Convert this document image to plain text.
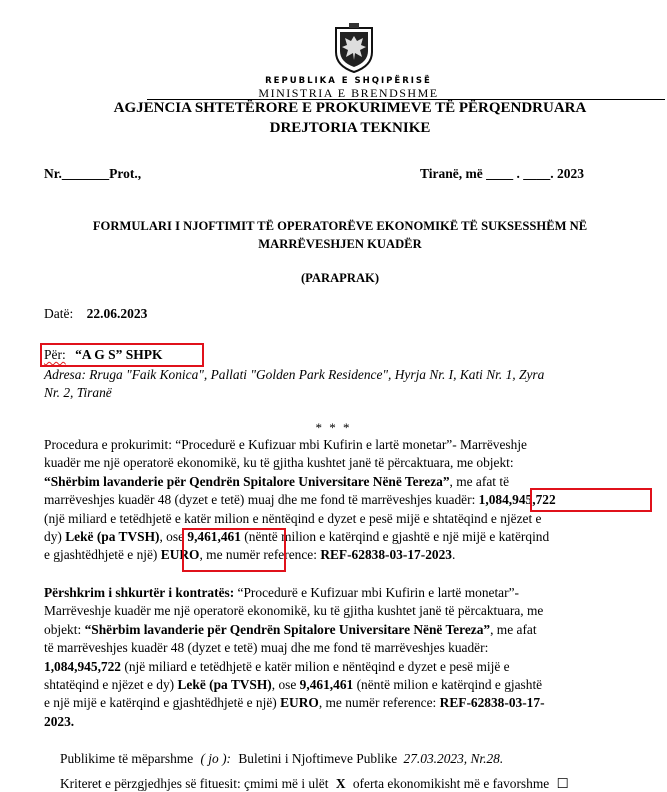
REPUBLIKA E SHQIPËRISË
MINISTRIA E BRENDSHME
AGJENCIA SHTETËRORE E PROKURIMEVE TË PËRQENDRUARA
DREJTORIA TEKNIKE
Nr._______Prot.,	Tiranë, më ____ . ____. 2023
FORMULARI I NJOFTIMIT TË OPERATORËVE EKONOMIKË TË SUKSESSHËM NË
MARRËVESHJEN KUADËR
(PARAPRAK)
Datë: 22.06.2023
Për: “A G S” SHPK
Adresa: Rruga "Faik Konica", Pallati "Golden Park Residence", Hyrja Nr. I, Kati Nr. 1, Zyra
Nr. 2, Tiranë
* * *
Procedura e prokurimit: “Procedurë e Kufizuar mbi Kufirin e lartë monetar”- Marrëveshje
kuadër me një operatorë ekonomikë, ku të gjitha kushtet janë të përcaktuara, me objekt:
“Shërbim lavanderie për Qendrën Spitalore Universitare Nënë Tereza”, me afat të
marrëveshjes kuadër 48 (dyzet e tetë) muaj dhe me fond të marrëveshjes kuadër: 1,084,945,722
(një miliard e tetëdhjetë e katër milion e nëntëqind e dyzet e pesë mijë e shtatëqind e njëzet e
dy) Lekë (pa TVSH), ose 9,461,461 (nëntë milion e katërqind e gjashtë e një mijë e katërqind
e gjashtëdhjetë e një) EURO, me numër reference: REF-62838-03-17-2023.
Përshkrim i shkurtër i kontratës: “Procedurë e Kufizuar mbi Kufirin e lartë monetar”-
Marrëveshje kuadër me një operatorë ekonomikë, ku të gjitha kushtet janë të përcaktuara, me
objekt: “Shërbim lavanderie për Qendrën Spitalore Universitare Nënë Tereza”, me afat
të marrëveshjes kuadër 48 (dyzet e tetë) muaj dhe me fond të marrëveshjes kuadër:
1,084,945,722 (një miliard e tetëdhjetë e katër milion e nëntëqind e dyzet e pesë mijë e
shtatëqind e njëzet e dy) Lekë (pa TVSH), ose 9,461,461 (nëntë milion e katërqind e gjashtë
e një mijë e katërqind e gjashtëdhjetë e një) EURO, me numër reference: REF-62838-03-17-
2023.
Publikime të mëparshme ( jo ): Buletini i Njoftimeve Publike 27.03.2023, Nr.28.
Kriteret e përzgjedhjes së fituesit: çmimi më i ulët X oferta ekonomikisht më e favorshme ☐
